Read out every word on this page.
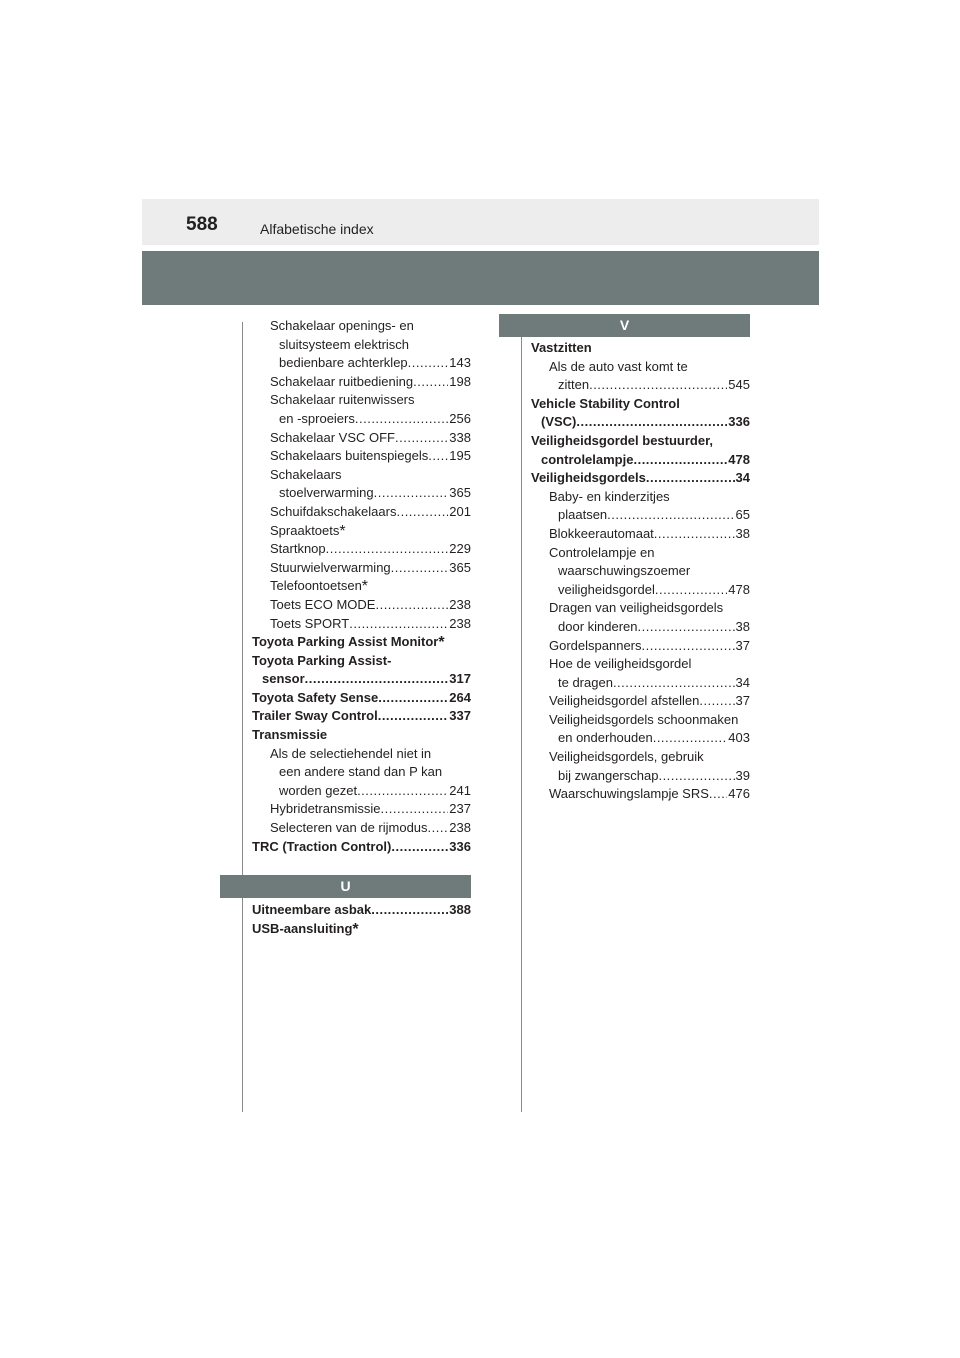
588	Alfabetische index
Schakelaar openings- en
sluitsysteem elektrisch
bedienbare achterklep .....	143
Schakelaar ruitbediening .....	198
Schakelaar ruitenwissers
en -sproeiers .....	256
Schakelaar VSC OFF .....	338
Schakelaars buitenspiegels ..... 195
Schakelaars
stoelverwarming .....	365
Schuifdakschakelaars .....	201
Spraaktoets*
Startknop .....	229
Stuurwielverwarming .....	365
Telefoontoetsen*
Toets ECO MODE .....	238
Toets SPORT .....	238
Toyota Parking Assist Monitor*
Toyota Parking Assist-
sensor .....	317
Toyota Safety Sense .....	264
Trailer Sway Control .....	337
Transmissie
Als de selectiehendel niet in
een andere stand dan P kan
worden gezet .....	241
Hybridetransmissie .....	237
Selecteren van de rijmodus ..... 238
TRC (Traction Control) .....	336
U
Uitneembare asbak .....	388
USB-aansluiting*
V
Vastzitten
Als de auto vast komt te
zitten .....	545
Vehicle Stability Control
(VSC) .....	336
Veiligheidsgordel bestuurder,
controlelampje .....	478
Veiligheidsgordels .....	34
Baby- en kinderzitjes
plaatsen .....	65
Blokkeerautomaat .....	38
Controlelampje en
waarschuwingszoemer
veiligheidsgordel .....	478
Dragen van veiligheidsgordels
door kinderen .....	38
Gordelspanners .....	37
Hoe de veiligheidsgordel
te dragen .....	34
Veiligheidsgordel afstellen .....	37
Veiligheidsgordels schoonmaken
en onderhouden .....	403
Veiligheidsgordels, gebruik
bij zwangerschap .....	39
Waarschuwingslampje SRS ..... 476
